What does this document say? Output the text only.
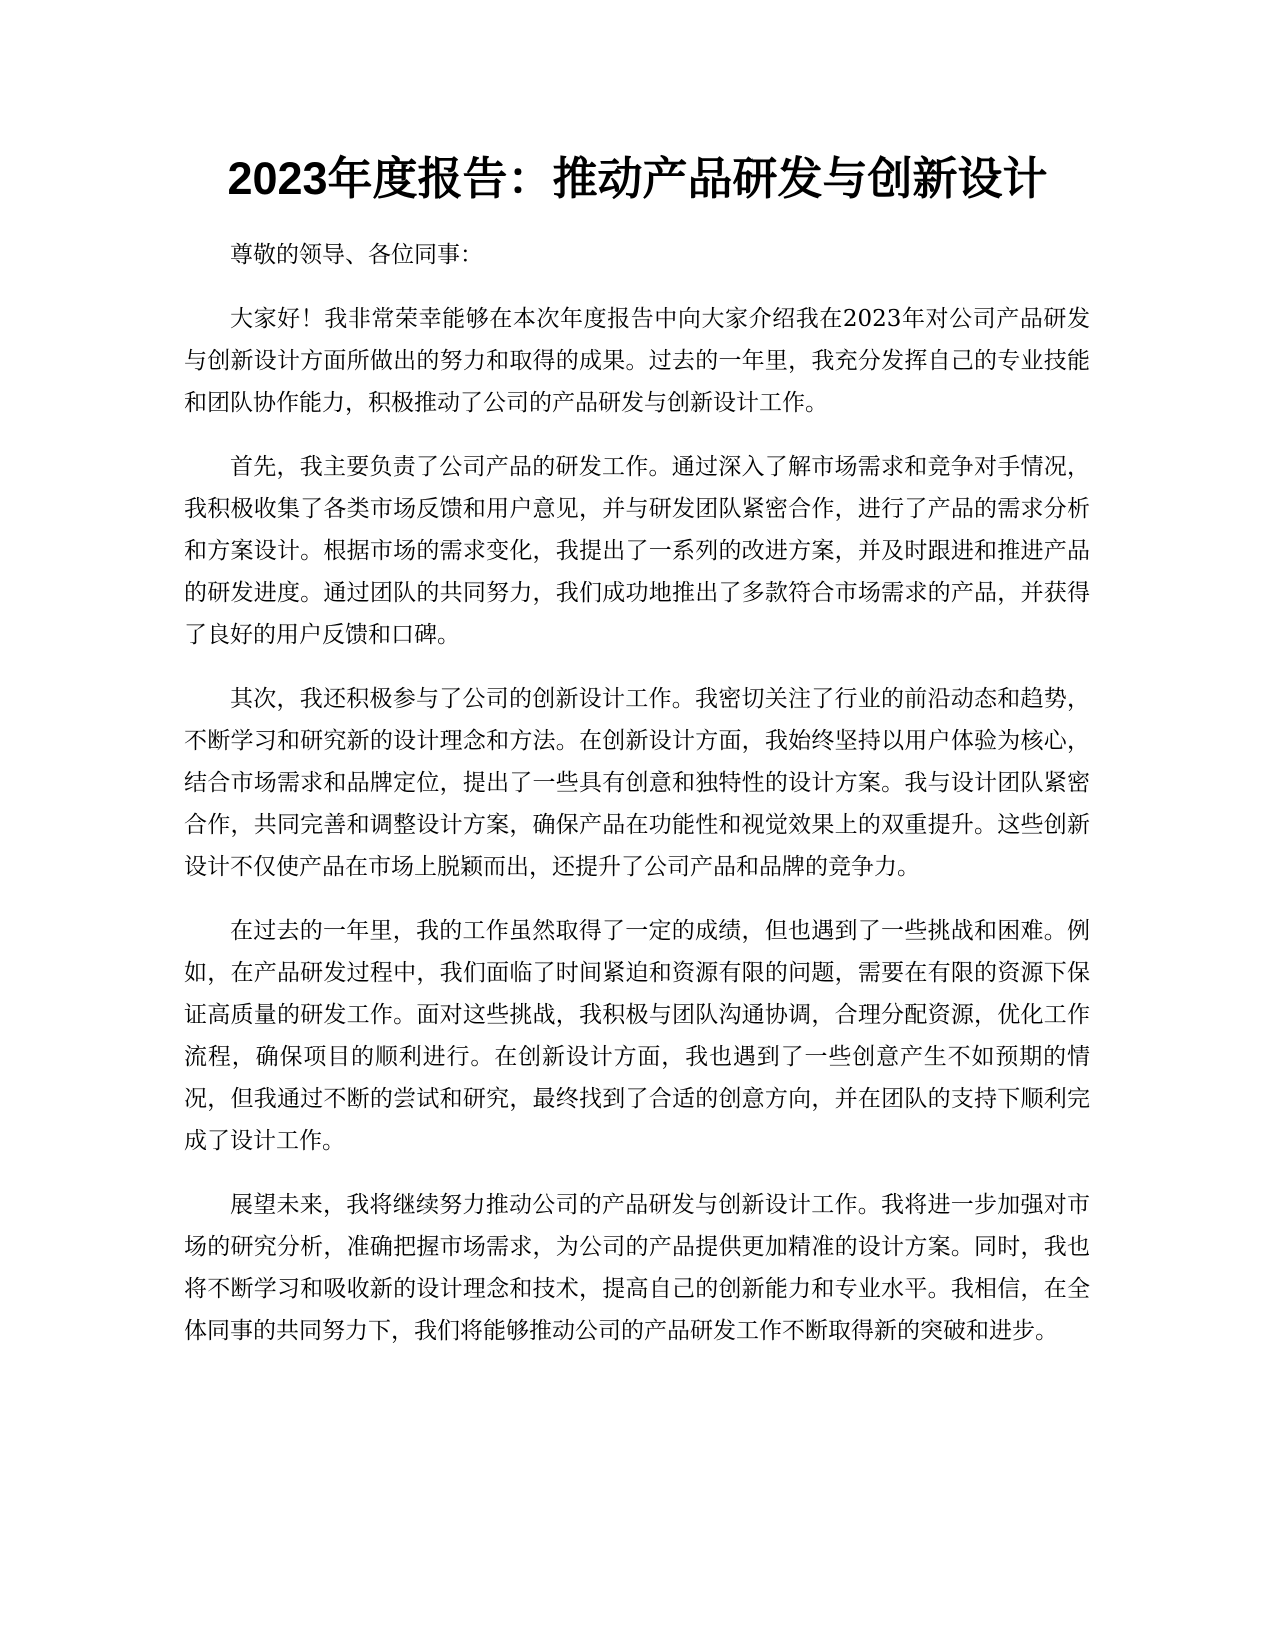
2023年度报告：推动产品研发与创新设计

尊敬的领导、各位同事：

大家好！我非常荣幸能够在本次年度报告中向大家介绍我在2023年对公司产品研发与创新设计方面所做出的努力和取得的成果。过去的一年里，我充分发挥自己的专业技能和团队协作能力，积极推动了公司的产品研发与创新设计工作。

首先，我主要负责了公司产品的研发工作。通过深入了解市场需求和竞争对手情况，我积极收集了各类市场反馈和用户意见，并与研发团队紧密合作，进行了产品的需求分析和方案设计。根据市场的需求变化，我提出了一系列的改进方案，并及时跟进和推进产品的研发进度。通过团队的共同努力，我们成功地推出了多款符合市场需求的产品，并获得了良好的用户反馈和口碑。

其次，我还积极参与了公司的创新设计工作。我密切关注了行业的前沿动态和趋势，不断学习和研究新的设计理念和方法。在创新设计方面，我始终坚持以用户体验为核心，结合市场需求和品牌定位，提出了一些具有创意和独特性的设计方案。我与设计团队紧密合作，共同完善和调整设计方案，确保产品在功能性和视觉效果上的双重提升。这些创新设计不仅使产品在市场上脱颖而出，还提升了公司产品和品牌的竞争力。

在过去的一年里，我的工作虽然取得了一定的成绩，但也遇到了一些挑战和困难。例如，在产品研发过程中，我们面临了时间紧迫和资源有限的问题，需要在有限的资源下保证高质量的研发工作。面对这些挑战，我积极与团队沟通协调，合理分配资源，优化工作流程，确保项目的顺利进行。在创新设计方面，我也遇到了一些创意产生不如预期的情况，但我通过不断的尝试和研究，最终找到了合适的创意方向，并在团队的支持下顺利完成了设计工作。

展望未来，我将继续努力推动公司的产品研发与创新设计工作。我将进一步加强对市场的研究分析，准确把握市场需求，为公司的产品提供更加精准的设计方案。同时，我也将不断学习和吸收新的设计理念和技术，提高自己的创新能力和专业水平。我相信，在全体同事的共同努力下，我们将能够推动公司的产品研发工作不断取得新的突破和进步。
